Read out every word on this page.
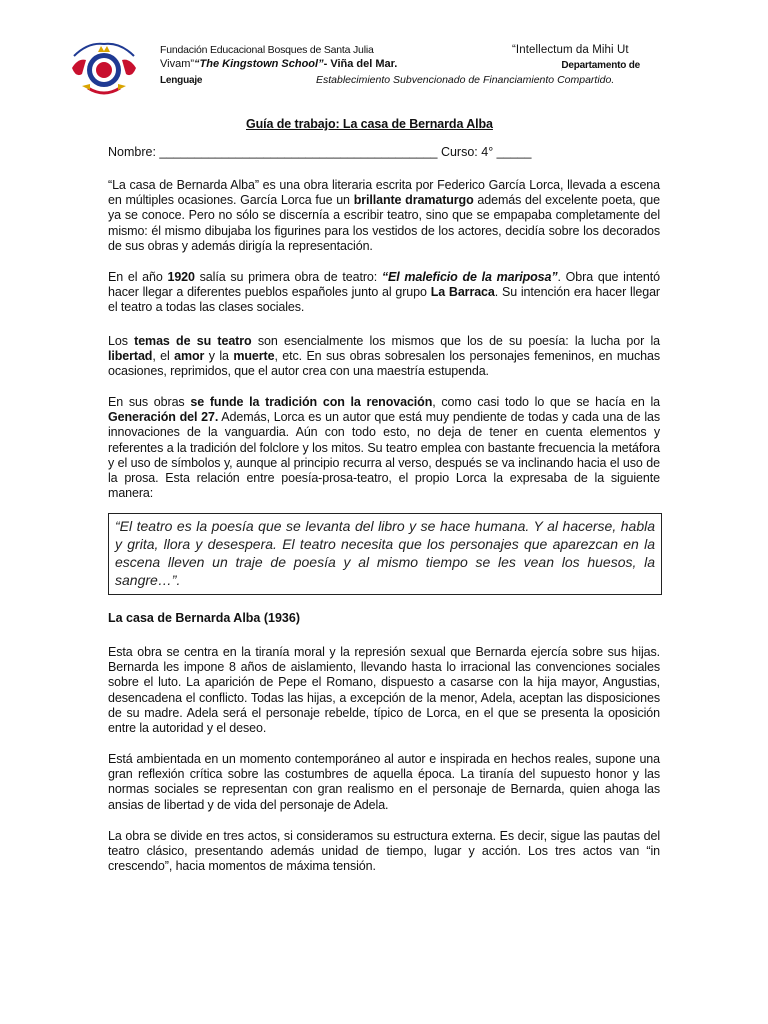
Fundación Educacional Bosques de Santa Julia	“Intellectum da Mihi Ut
Vivam”“The Kingstown School”- Viña del Mar.	Departamento de
Lenguaje	Establecimiento Subvencionado de Financiamiento Compartido.
Guía de trabajo: La casa de Bernarda Alba
Nombre: ________________________________________ Curso: 4° _____
“La casa de Bernarda Alba” es una obra literaria escrita por Federico García Lorca, llevada a escena en múltiples ocasiones. García Lorca fue un brillante dramaturgo además del excelente poeta, que ya se conoce. Pero no sólo se discernía a escribir teatro, sino que se empapaba completamente del mismo: él mismo dibujaba los figurines para los vestidos de los actores, decidía sobre los decorados de sus obras y además dirigía la representación.
En el año 1920 salía su primera obra de teatro: “El maleficio de la mariposa”. Obra que intentó hacer llegar a diferentes pueblos españoles junto al grupo La Barraca. Su intención era hacer llegar el teatro a todas las clases sociales.
Los temas de su teatro son esencialmente los mismos que los de su poesía: la lucha por la libertad, el amor y la muerte, etc. En sus obras sobresalen los personajes femeninos, en muchas ocasiones, reprimidos, que el autor crea con una maestría estupenda.
En sus obras se funde la tradición con la renovación, como casi todo lo que se hacía en la Generación del 27. Además, Lorca es un autor que está muy pendiente de todas y cada una de las innovaciones de la vanguardia. Aún con todo esto, no deja de tener en cuenta elementos y referentes a la tradición del folclore y los mitos. Su teatro emplea con bastante frecuencia la metáfora y el uso de símbolos y, aunque al principio recurra al verso, después se va inclinando hacia el uso de la prosa. Esta relación entre poesía-prosa-teatro, el propio Lorca la expresaba de la siguiente manera:
“El teatro es la poesía que se levanta del libro y se hace humana. Y al hacerse, habla y grita, llora y desespera. El teatro necesita que los personajes que aparezcan en la escena lleven un traje de poesía y al mismo tiempo se les vean los huesos, la sangre…”.
La casa de Bernarda Alba (1936)
Esta obra se centra en la tiranía moral y la represión sexual que Bernarda ejercía sobre sus hijas. Bernarda les impone 8 años de aislamiento, llevando hasta lo irracional las convenciones sociales sobre el luto. La aparición de Pepe el Romano, dispuesto a casarse con la hija mayor, Angustias, desencadena el conflicto. Todas las hijas, a excepción de la menor, Adela, aceptan las disposiciones de su madre. Adela será el personaje rebelde, típico de Lorca, en el que se presenta la oposición entre la autoridad y el deseo.
Está ambientada en un momento contemporáneo al autor e inspirada en hechos reales, supone una gran reflexión crítica sobre las costumbres de aquella época. La tiranía del supuesto honor y las normas sociales se representan con gran realismo en el personaje de Bernarda, quien ahoga las ansias de libertad y de vida del personaje de Adela.
La obra se divide en tres actos, si consideramos su estructura externa. Es decir, sigue las pautas del teatro clásico, presentando además unidad de tiempo, lugar y acción. Los tres actos van “in crescendo”, hacia momentos de máxima tensión.
